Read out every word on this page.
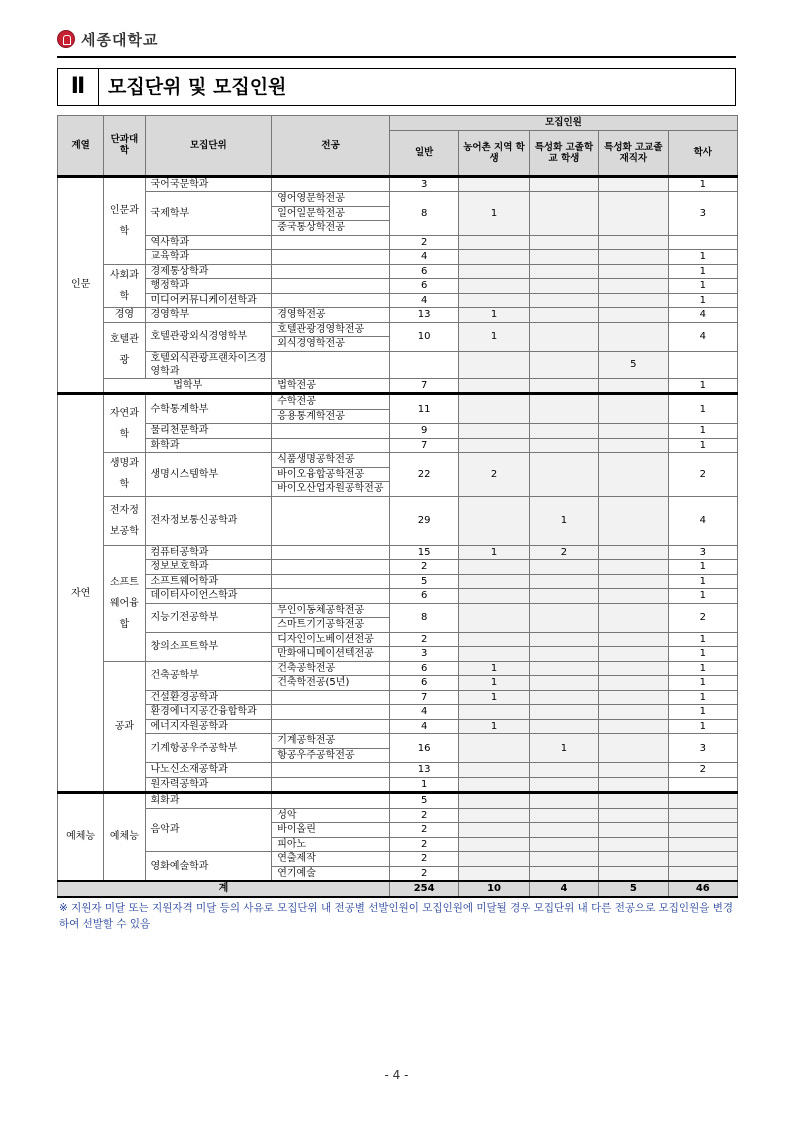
세종대학교
Ⅱ	모집단위 및 모집인원
계열	단과대학	모집단위	전공	모집인원				
				일반	농어촌 지역 학생	특성화 고졸학교 학생	특성화 고교졸 재직자	학사
인문	인문과학	국어국문학과		3				1
		국제학부	영어영문학전공	8	1			3
			일어일문학전공					
			중국통상학전공					
		역사학과		2				
		교육학과		4				1
	사회과학	경제통상학과		6				1
		행정학과		6				1
		미디어커뮤니케이션학과		4				1
	경영	경영학부	경영학전공	13	1			4
	호텔관광	호텔관광외식경영학부	호텔관광경영학전공	10	1			4
			외식경영학전공					
		호텔외식관광프랜차이즈경영학과					5	
	법학부		법학전공	7				1
자연	자연과학	수학통계학부	수학전공	11				1
			응용통계학전공					
		물리천문학과		9				1
		화학과		7				1
	생명과학	생명시스템학부	식품생명공학전공	22	2			2
			바이오융합공학전공					
			바이오산업자원공학전공					
	전자정보공학	전자정보통신공학과		29		1		4
	소프트웨어융합	컴퓨터공학과		15	1	2		3
		정보보호학과		2				1
		소프트웨어학과		5				1
		데이터사이언스학과		6				1
		지능기전공학부	무인이동체공학전공	8				2
			스마트기기공학전공					
		창의소프트학부	디자인이노베이션전공	2				1
			만화애니메이션텍전공	3				1
	공과	건축공학부	건축공학전공	6	1			1
			건축학전공(5년)	6	1			1
		건설환경공학과		7	1			1
		환경에너지공간융합학과		4				1
		에너지자원공학과		4	1			1
		기계항공우주공학부	기계공학전공	16		1		3
			항공우주공학전공					
		나노신소재공학과		13				2
		원자력공학과		1				
예체능	예체능	회화과		5				
		음악과	성악	2				
			바이올린	2				
			피아노	2				
		영화예술학과	연출제작	2				
			연기예술	2				
계				254	10	4	5	46
※ 지원자 미달 또는 지원자격 미달 등의 사유로 모집단위 내 전공별 선발인원이 모집인원에 미달될 경우 모집단위 내 다른 전공으로 모집인원을 변경하여 선발할 수 있음
- 4 -
